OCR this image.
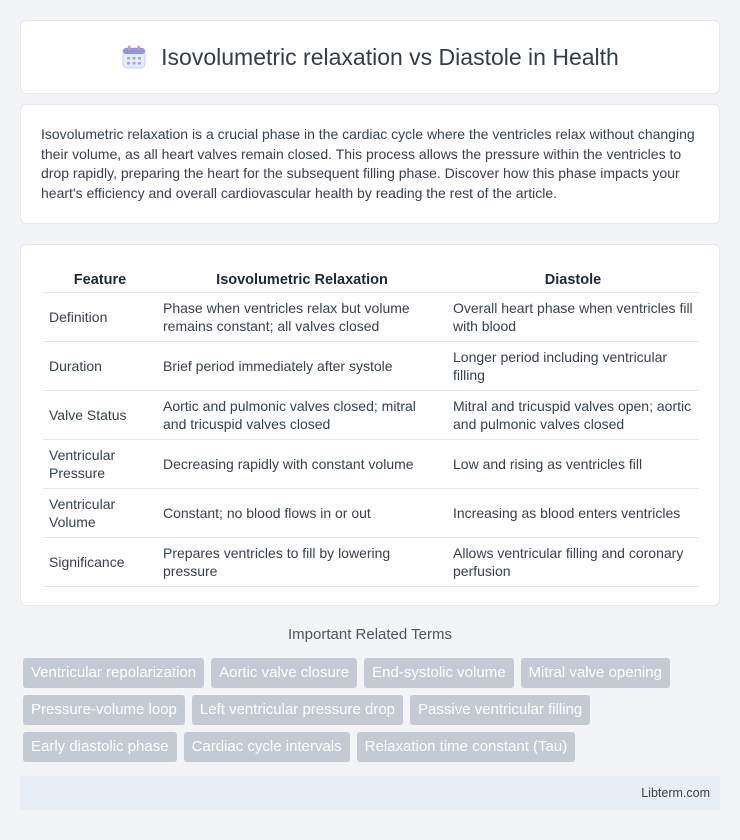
Isovolumetric relaxation vs Diastole in Health

Isovolumetric relaxation is a crucial phase in the cardiac cycle where the ventricles relax without changing their volume, as all heart valves remain closed. This process allows the pressure within the ventricles to drop rapidly, preparing the heart for the subsequent filling phase. Discover how this phase impacts your heart's efficiency and overall cardiovascular health by reading the rest of the article.

Feature	Isovolumetric Relaxation	Diastole
Definition	Phase when ventricles relax but volume remains constant; all valves closed	Overall heart phase when ventricles fill with blood
Duration	Brief period immediately after systole	Longer period including ventricular filling
Valve Status	Aortic and pulmonic valves closed; mitral and tricuspid valves closed	Mitral and tricuspid valves open; aortic and pulmonic valves closed
Ventricular Pressure	Decreasing rapidly with constant volume	Low and rising as ventricles fill
Ventricular Volume	Constant; no blood flows in or out	Increasing as blood enters ventricles
Significance	Prepares ventricles to fill by lowering pressure	Allows ventricular filling and coronary perfusion
Important Related Terms
Ventricular repolarization	Aortic valve closure	End-systolic volume	Mitral valve opening
Pressure-volume loop	Left ventricular pressure drop	Passive ventricular filling
Early diastolic phase	Cardiac cycle intervals	Relaxation time constant (Tau)
Libterm.com
